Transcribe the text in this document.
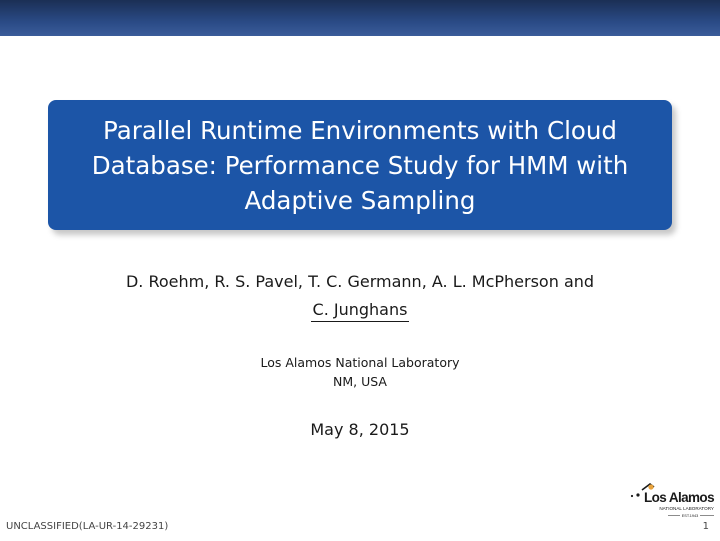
Parallel Runtime Environments with Cloud Database: Performance Study for HMM with Adaptive Sampling
D. Roehm, R. S. Pavel, T. C. Germann, A. L. McPherson and
C. Junghans
Los Alamos National Laboratory
NM, USA
May 8, 2015
Los Alamos
NATIONAL LABORATORY
EST.1943
UNCLASSIFIED(LA-UR-14-29231)	1
